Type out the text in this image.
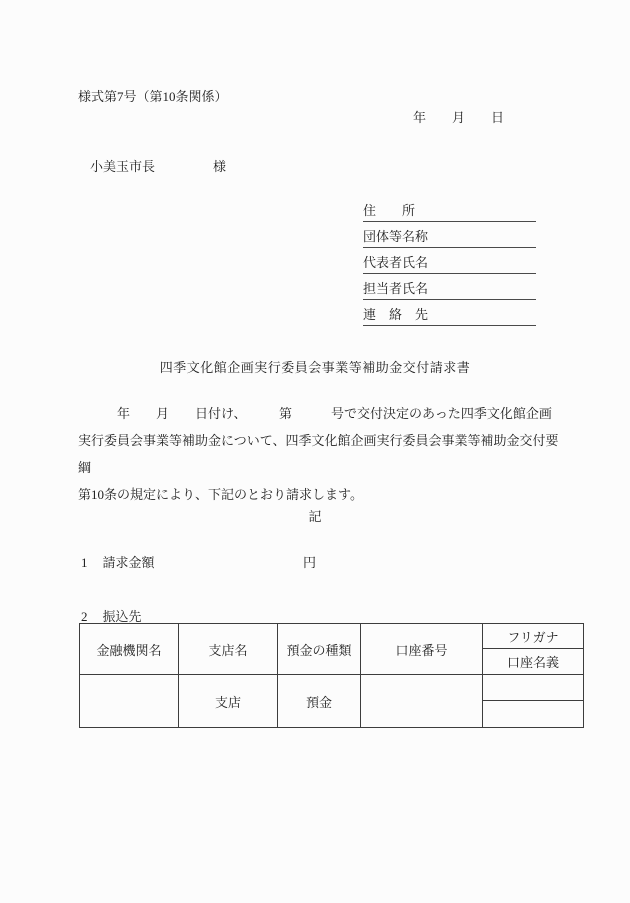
様式第7号（第10条関係）
年　　月　　日
小美玉市長	様
住　　所
団体等名称
代表者氏名
担当者氏名
連　絡　先
四季文化館企画実行委員会事業等補助金交付請求書
　　　年　　月　　日付け、　　　第　　　号で交付決定のあった四季文化館企画
実行委員会事業等補助金について、四季文化館企画実行委員会事業等補助金交付要綱
第10条の規定により、下記のとおり請求します。
記
1 請求金額	円
2 振込先
金融機関名	支店名	預金の種類	口座番号	フリガナ
				口座名義
	支店	預金		
